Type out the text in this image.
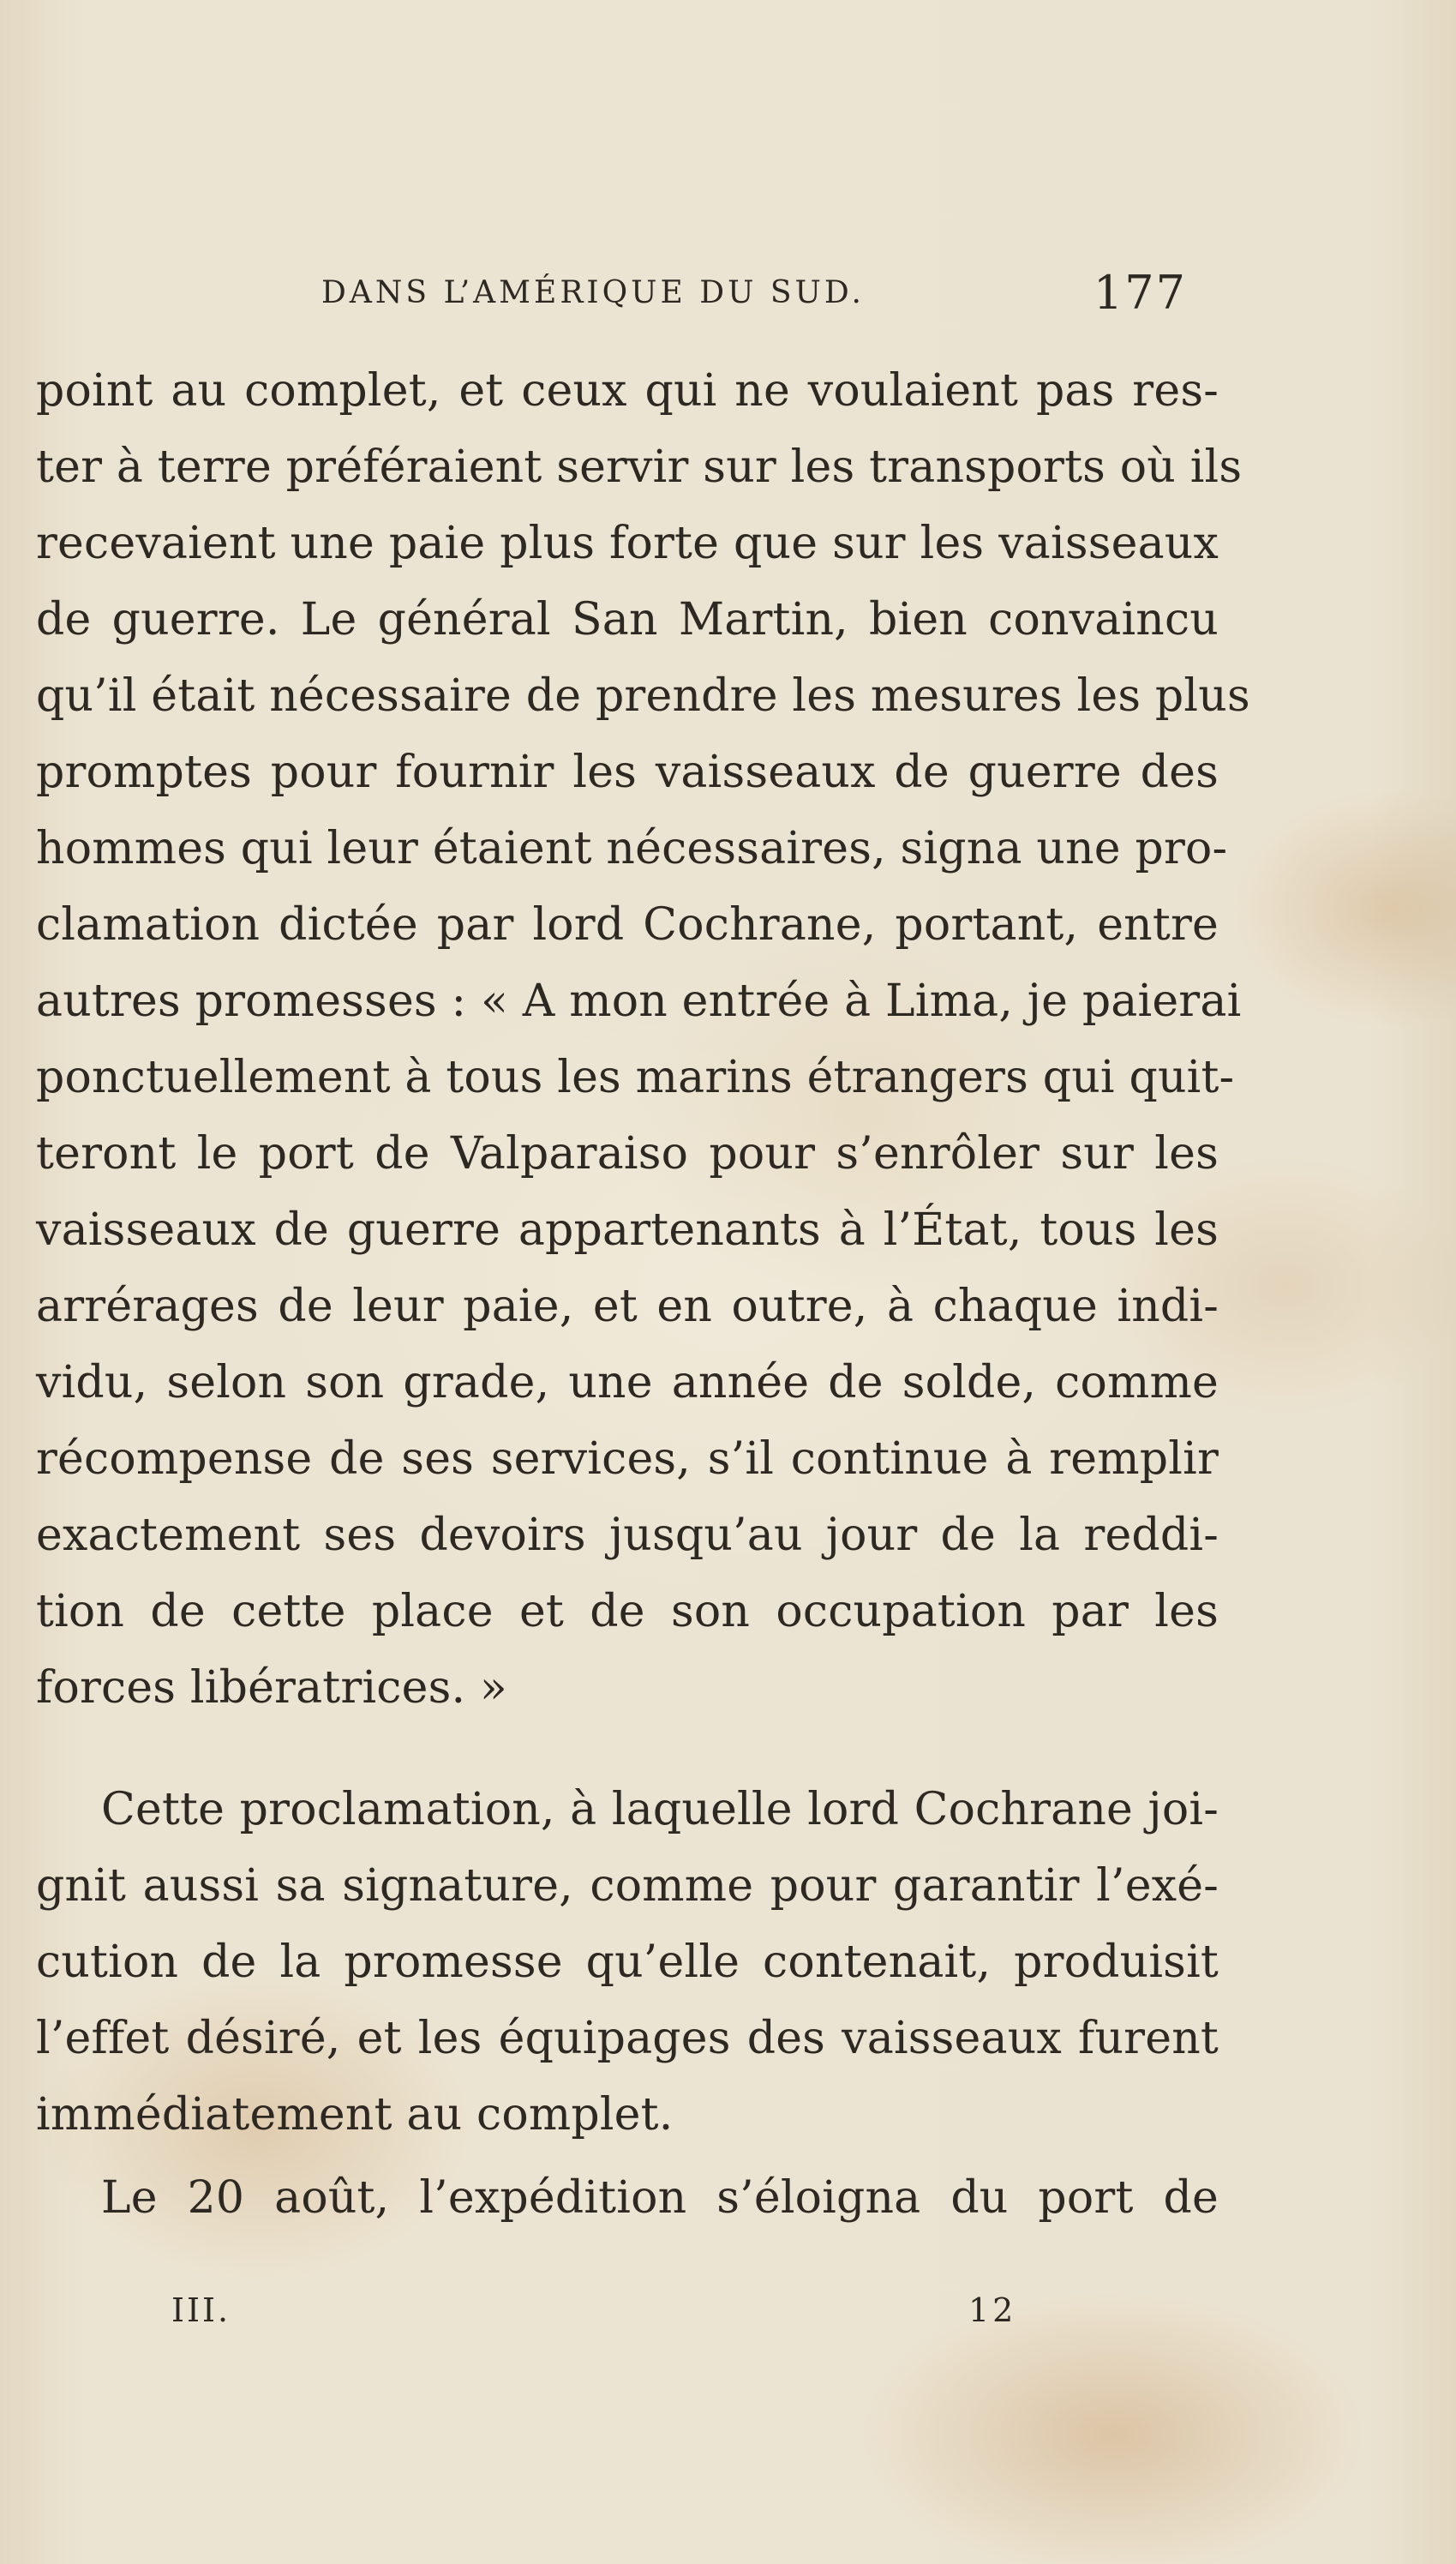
DANS L’AMÉRIQUE DU SUD.	177
point au complet, et ceux qui ne voulaient pas res-
ter à terre préféraient servir sur les transports où ils
recevaient une paie plus forte que sur les vaisseaux
de guerre. Le général San Martin, bien convaincu
qu’il était nécessaire de prendre les mesures les plus
promptes pour fournir les vaisseaux de guerre des
hommes qui leur étaient nécessaires, signa une pro-
clamation dictée par lord Cochrane, portant, entre
autres promesses : « A mon entrée à Lima, je paierai
ponctuellement à tous les marins étrangers qui quit-
teront le port de Valparaiso pour s’enrôler sur les
vaisseaux de guerre appartenants à l’État, tous les
arrérages de leur paie, et en outre, à chaque indi-
vidu, selon son grade, une année de solde, comme
récompense de ses services, s’il continue à remplir
exactement ses devoirs jusqu’au jour de la reddi-
tion de cette place et de son occupation par les
forces libératrices. »
Cette proclamation, à laquelle lord Cochrane joi-
gnit aussi sa signature, comme pour garantir l’exé-
cution de la promesse qu’elle contenait, produisit
l’effet désiré, et les équipages des vaisseaux furent
immédiatement au complet.
Le 20 août, l’expédition s’éloigna du port de
III.	12
